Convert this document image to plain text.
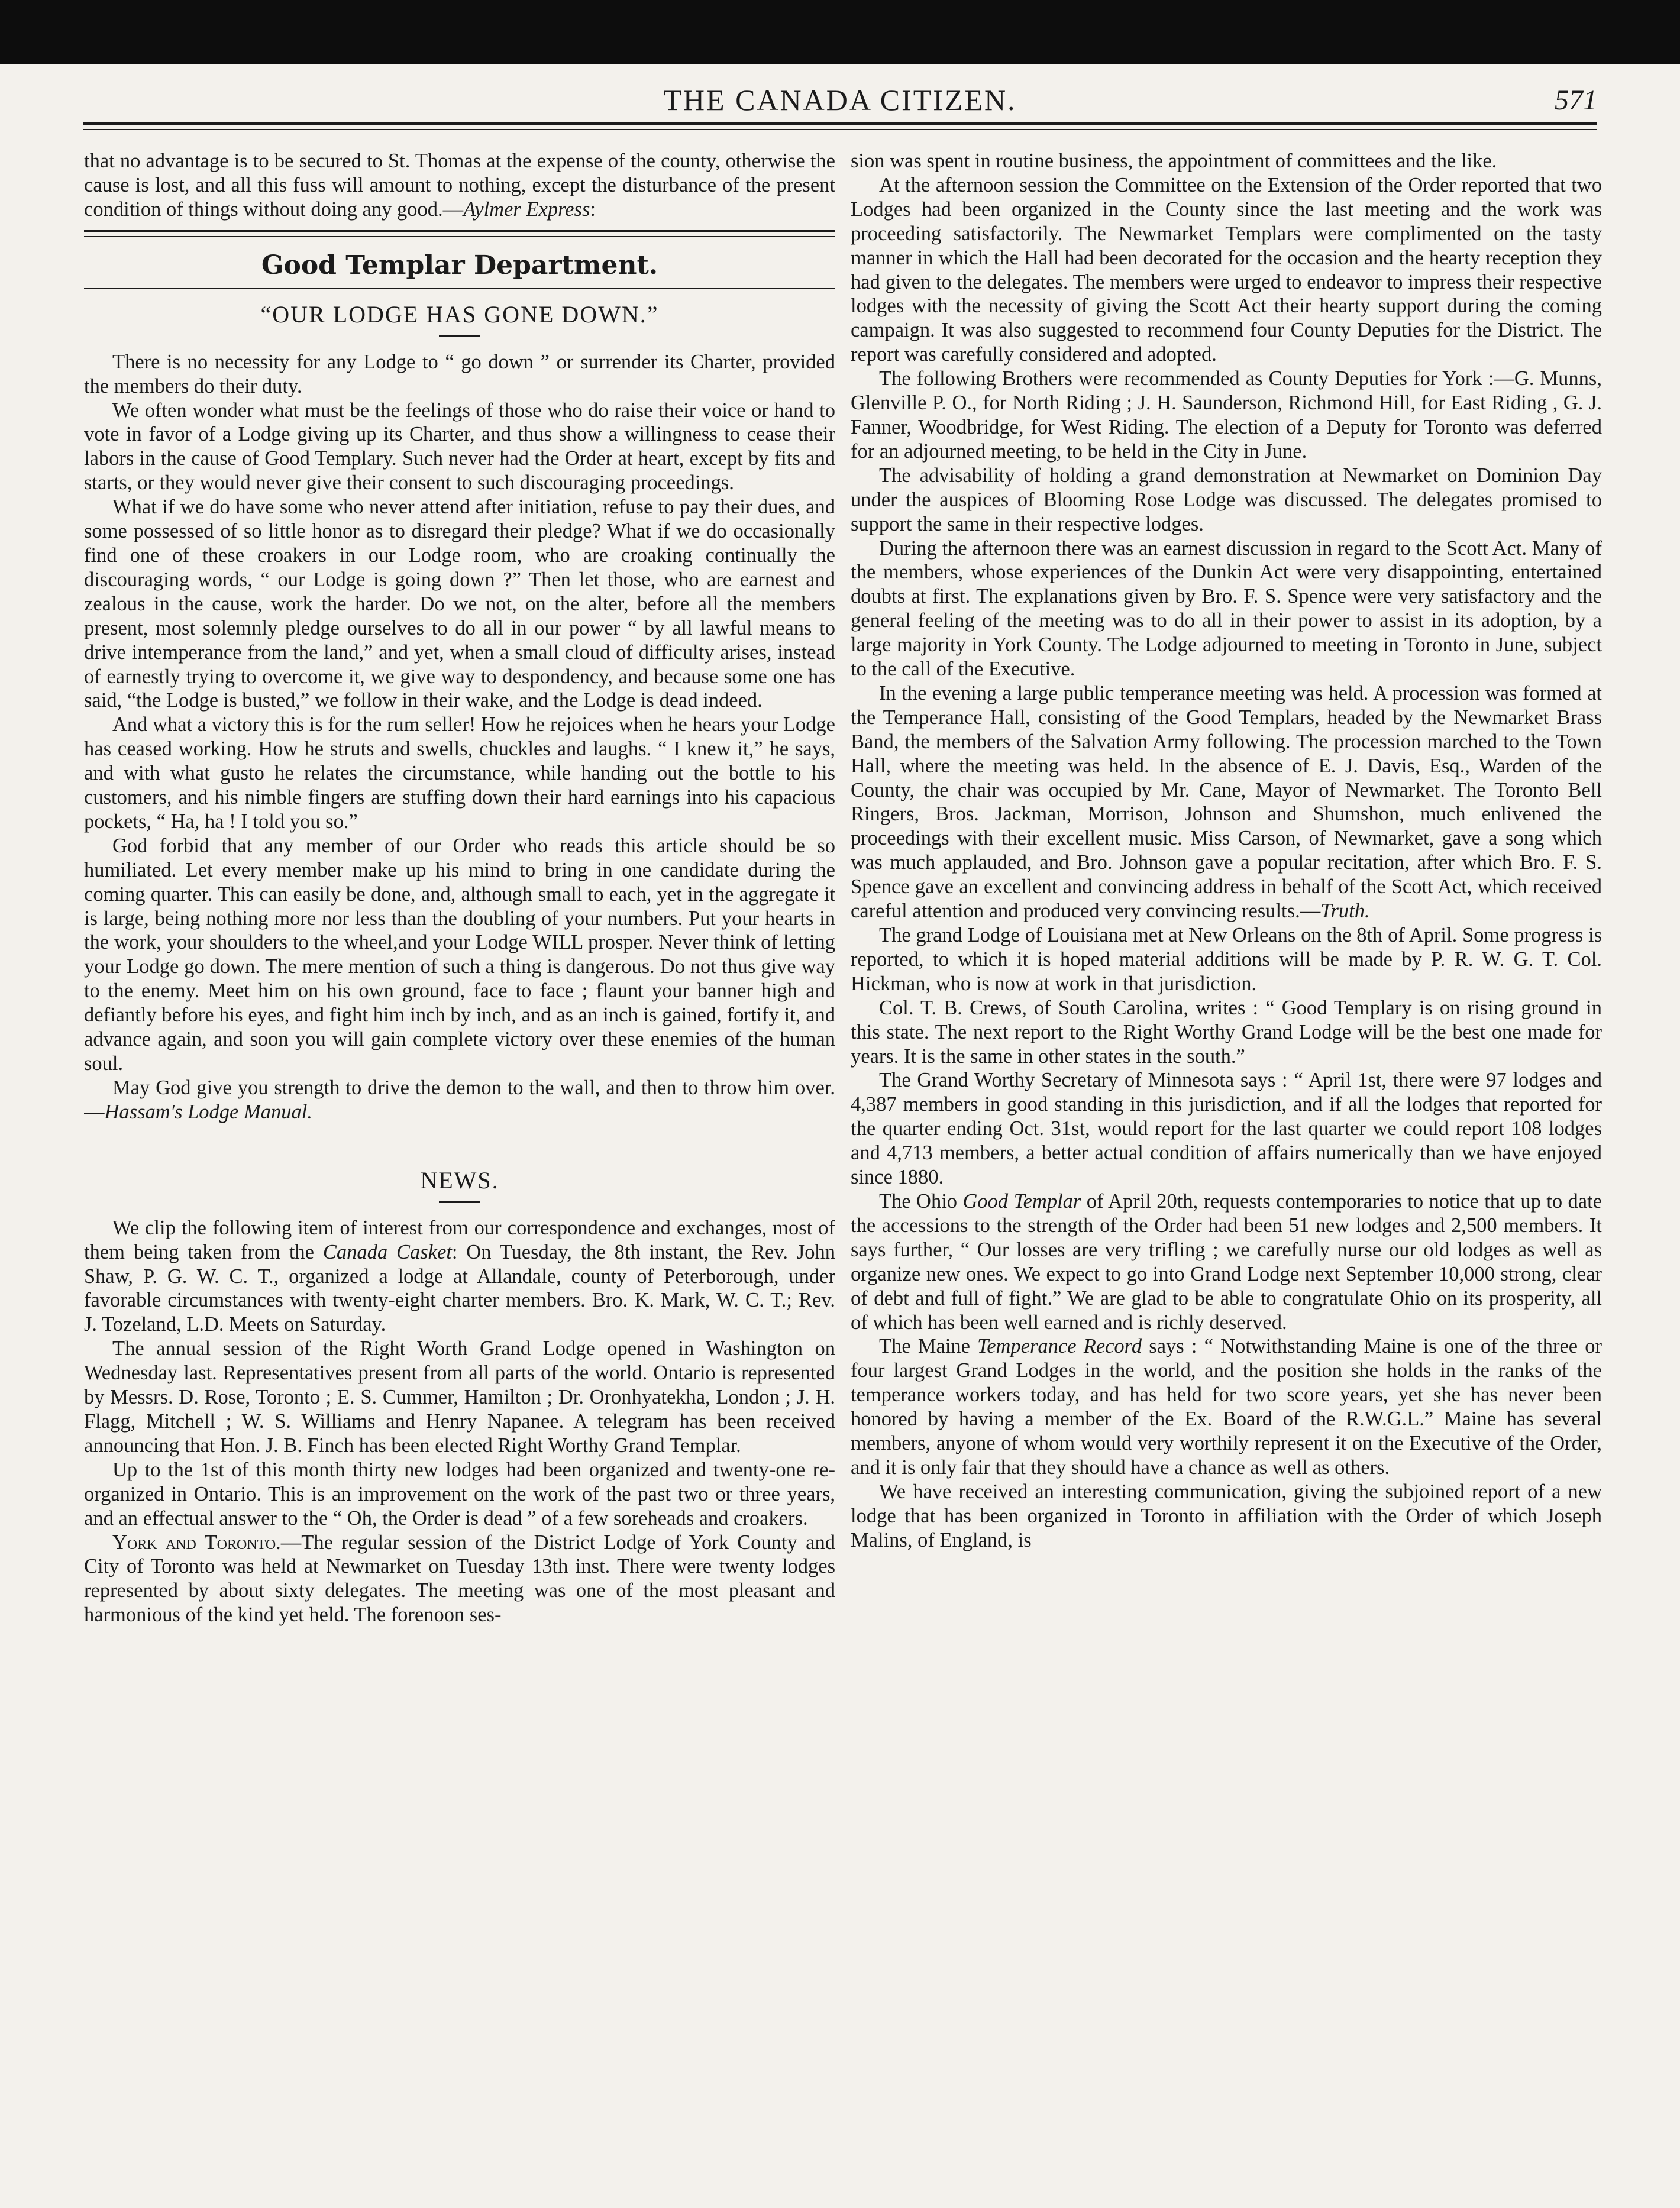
THE CANADA CITIZEN.	571

that no advantage is to be secured to St. Thomas at the expense of the county, otherwise the cause is lost, and all this fuss will amount to nothing, except the disturbance of the present condition of things without doing any good.—Aylmer Express:

Good Templar Department.
“OUR LODGE HAS GONE DOWN.”

There is no necessity for any Lodge to “ go down ” or surrender its Charter, provided the members do their duty.

We often wonder what must be the feelings of those who do raise their voice or hand to vote in favor of a Lodge giving up its Charter, and thus show a willingness to cease their labors in the cause of Good Templary. Such never had the Order at heart, except by fits and starts, or they would never give their consent to such discouraging proceedings.

What if we do have some who never attend after initiation, refuse to pay their dues, and some possessed of so little honor as to disregard their pledge? What if we do occasionally find one of these croakers in our Lodge room, who are croaking continually the discouraging words, “ our Lodge is going down ?” Then let those, who are earnest and zealous in the cause, work the harder. Do we not, on the alter, before all the members present, most solemnly pledge ourselves to do all in our power “ by all lawful means to drive intemperance from the land,” and yet, when a small cloud of difficulty arises, instead of earnestly trying to overcome it, we give way to despondency, and because some one has said, “the Lodge is busted,” we follow in their wake, and the Lodge is dead indeed.

And what a victory this is for the rum seller! How he rejoices when he hears your Lodge has ceased working. How he struts and swells, chuckles and laughs. “ I knew it,” he says, and with what gusto he relates the circumstance, while handing out the bottle to his customers, and his nimble fingers are stuffing down their hard earnings into his capacious pockets, “ Ha, ha ! I told you so.”

God forbid that any member of our Order who reads this article should be so humiliated. Let every member make up his mind to bring in one candidate during the coming quarter. This can easily be done, and, although small to each, yet in the aggregate it is large, being nothing more nor less than the doubling of your numbers. Put your hearts in the work, your shoulders to the wheel,and your Lodge WILL prosper. Never think of letting your Lodge go down. The mere mention of such a thing is dangerous. Do not thus give way to the enemy. Meet him on his own ground, face to face ; flaunt your banner high and defiantly before his eyes, and fight him inch by inch, and as an inch is gained, fortify it, and advance again, and soon you will gain complete victory over these enemies of the human soul.

May God give you strength to drive the demon to the wall, and then to throw him over.—Hassam's Lodge Manual.

NEWS.

We clip the following item of interest from our correspondence and exchanges, most of them being taken from the Canada Casket: On Tuesday, the 8th instant, the Rev. John Shaw, P. G. W. C. T., organized a lodge at Allandale, county of Peterborough, under favorable circumstances with twenty-eight charter members. Bro. K. Mark, W. C. T.; Rev. J. Tozeland, L.D. Meets on Saturday.

The annual session of the Right Worth Grand Lodge opened in Washington on Wednesday last. Representatives present from all parts of the world. Ontario is represented by Messrs. D. Rose, Toronto ; E. S. Cummer, Hamilton ; Dr. Oronhyatekha, London ; J. H. Flagg, Mitchell ; W. S. Williams and Henry Napanee. A telegram has been received announcing that Hon. J. B. Finch has been elected Right Worthy Grand Templar.

Up to the 1st of this month thirty new lodges had been organized and twenty-one re-organized in Ontario. This is an improvement on the work of the past two or three years, and an effectual answer to the “ Oh, the Order is dead ” of a few soreheads and croakers.

York and Toronto.—The regular session of the District Lodge of York County and City of Toronto was held at Newmarket on Tuesday 13th inst. There were twenty lodges represented by about sixty delegates. The meeting was one of the most pleasant and harmonious of the kind yet held. The forenoon ses-

sion was spent in routine business, the appointment of committees and the like.

At the afternoon session the Committee on the Extension of the Order reported that two Lodges had been organized in the County since the last meeting and the work was proceeding satisfactorily. The Newmarket Templars were complimented on the tasty manner in which the Hall had been decorated for the occasion and the hearty reception they had given to the delegates. The members were urged to endeavor to impress their respective lodges with the necessity of giving the Scott Act their hearty support during the coming campaign. It was also suggested to recommend four County Deputies for the District. The report was carefully considered and adopted.

The following Brothers were recommended as County Deputies for York :—G. Munns, Glenville P. O., for North Riding ; J. H. Saunderson, Richmond Hill, for East Riding , G. J. Fanner, Woodbridge, for West Riding. The election of a Deputy for Toronto was deferred for an adjourned meeting, to be held in the City in June.

The advisability of holding a grand demonstration at Newmarket on Dominion Day under the auspices of Blooming Rose Lodge was discussed. The delegates promised to support the same in their respective lodges.

During the afternoon there was an earnest discussion in regard to the Scott Act. Many of the members, whose experiences of the Dunkin Act were very disappointing, entertained doubts at first. The explanations given by Bro. F. S. Spence were very satisfactory and the general feeling of the meeting was to do all in their power to assist in its adoption, by a large majority in York County. The Lodge adjourned to meeting in Toronto in June, subject to the call of the Executive.

In the evening a large public temperance meeting was held. A procession was formed at the Temperance Hall, consisting of the Good Templars, headed by the Newmarket Brass Band, the members of the Salvation Army following. The procession marched to the Town Hall, where the meeting was held. In the absence of E. J. Davis, Esq., Warden of the County, the chair was occupied by Mr. Cane, Mayor of Newmarket. The Toronto Bell Ringers, Bros. Jackman, Morrison, Johnson and Shumshon, much enlivened the proceedings with their excellent music. Miss Carson, of Newmarket, gave a song which was much applauded, and Bro. Johnson gave a popular recitation, after which Bro. F. S. Spence gave an excellent and convincing address in behalf of the Scott Act, which received careful attention and produced very convincing results.—Truth.

The grand Lodge of Louisiana met at New Orleans on the 8th of April. Some progress is reported, to which it is hoped material additions will be made by P. R. W. G. T. Col. Hickman, who is now at work in that jurisdiction.

Col. T. B. Crews, of South Carolina, writes : “ Good Templary is on rising ground in this state. The next report to the Right Worthy Grand Lodge will be the best one made for years. It is the same in other states in the south.”

The Grand Worthy Secretary of Minnesota says : “ April 1st, there were 97 lodges and 4,387 members in good standing in this jurisdiction, and if all the lodges that reported for the quarter ending Oct. 31st, would report for the last quarter we could report 108 lodges and 4,713 members, a better actual condition of affairs numerically than we have enjoyed since 1880.

The Ohio Good Templar of April 20th, requests contemporaries to notice that up to date the accessions to the strength of the Order had been 51 new lodges and 2,500 members. It says further, “ Our losses are very trifling ; we carefully nurse our old lodges as well as organize new ones. We expect to go into Grand Lodge next September 10,000 strong, clear of debt and full of fight.” We are glad to be able to congratulate Ohio on its prosperity, all of which has been well earned and is richly deserved.

The Maine Temperance Record says : “ Notwithstanding Maine is one of the three or four largest Grand Lodges in the world, and the position she holds in the ranks of the temperance workers today, and has held for two score years, yet she has never been honored by having a member of the Ex. Board of the R.W.G.L.” Maine has several members, anyone of whom would very worthily represent it on the Executive of the Order, and it is only fair that they should have a chance as well as others.

We have received an interesting communication, giving the subjoined report of a new lodge that has been organized in Toronto in affiliation with the Order of which Joseph Malins, of England, is
